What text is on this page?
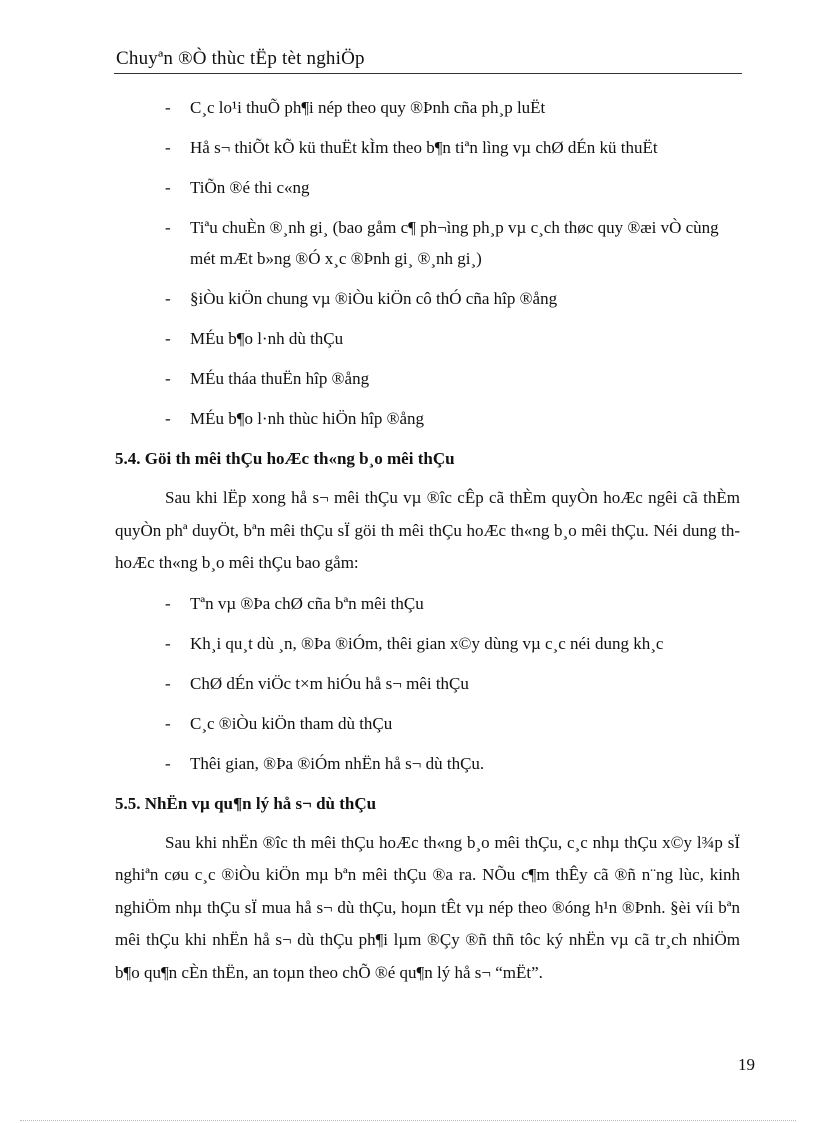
Chuyªn ®Ò thùc tËp tèt nghiÖp
- C¸c lo¹i thuÕ ph¶i nép theo quy ®Þnh cña ph¸p luËt
- Hå s¬ thiÕt kÕ kü thuËt kÌm theo b¶n tiªn lìng vµ chØ dÉn kü thuËt
- TiÕn ®é thi c«ng
- Tiªu chuÈn ®¸nh gi¸ (bao gåm c¶ ph¬ìng ph¸p vµ c¸ch thøc quy ®æi vÒ cùng mét mÆt b»ng ®Ó x¸c ®Þnh gi¸ ®¸nh gi¸)
- §iÒu kiÖn chung vµ ®iÒu kiÖn cô thÓ cña hîp ®ång
- MÉu b¶o l·nh dù thÇu
- MÉu tháa thuËn hîp ®ång
- MÉu b¶o l·nh thùc hiÖn hîp ®ång
5.4. Göi th mêi thÇu hoÆc th«ng b¸o mêi thÇu

Sau khi lËp xong hå s¬ mêi thÇu vµ ®îc cÊp cã thÈm quyÒn hoÆc ngêi cã thÈm quyÒn phª duyÖt, bªn mêi thÇu sÏ göi th mêi thÇu hoÆc th«ng b¸o mêi thÇu. Néi dung th hoÆc th«ng b¸o mêi thÇu bao gåm:

- Tªn vµ ®Þa chØ cña bªn mêi thÇu
- Kh¸i qu¸t dù ¸n, ®Þa ®iÓm, thêi gian x©y dùng vµ c¸c néi dung kh¸c
- ChØ dÉn viÖc t×m hiÓu hå s¬ mêi thÇu
- C¸c ®iÒu kiÖn tham dù thÇu
- Thêi gian, ®Þa ®iÓm nhËn hå s¬ dù thÇu.
5.5. NhËn vµ qu¶n lý hå s¬ dù thÇu

Sau khi nhËn ®îc th mêi thÇu hoÆc th«ng b¸o mêi thÇu, c¸c nhµ thÇu x©y l¾p sÏ nghiªn cøu c¸c ®iÒu kiÖn mµ bªn mêi thÇu ®a ra. NÕu c¶m thÊy cã ®ñ n¨ng lùc, kinh nghiÖm nhµ thÇu sÏ mua hå s¬ dù thÇu, hoµn tÊt vµ nép theo ®óng h¹n ®Þnh. §èi víi bªn mêi thÇu khi nhËn hå s¬ dù thÇu ph¶i lµm ®Çy ®ñ thñ tôc ký nhËn vµ cã tr¸ch nhiÖm b¶o qu¶n cÈn thËn, an toµn theo chÕ ®é qu¶n lý hå s¬ “mËt”.

19
